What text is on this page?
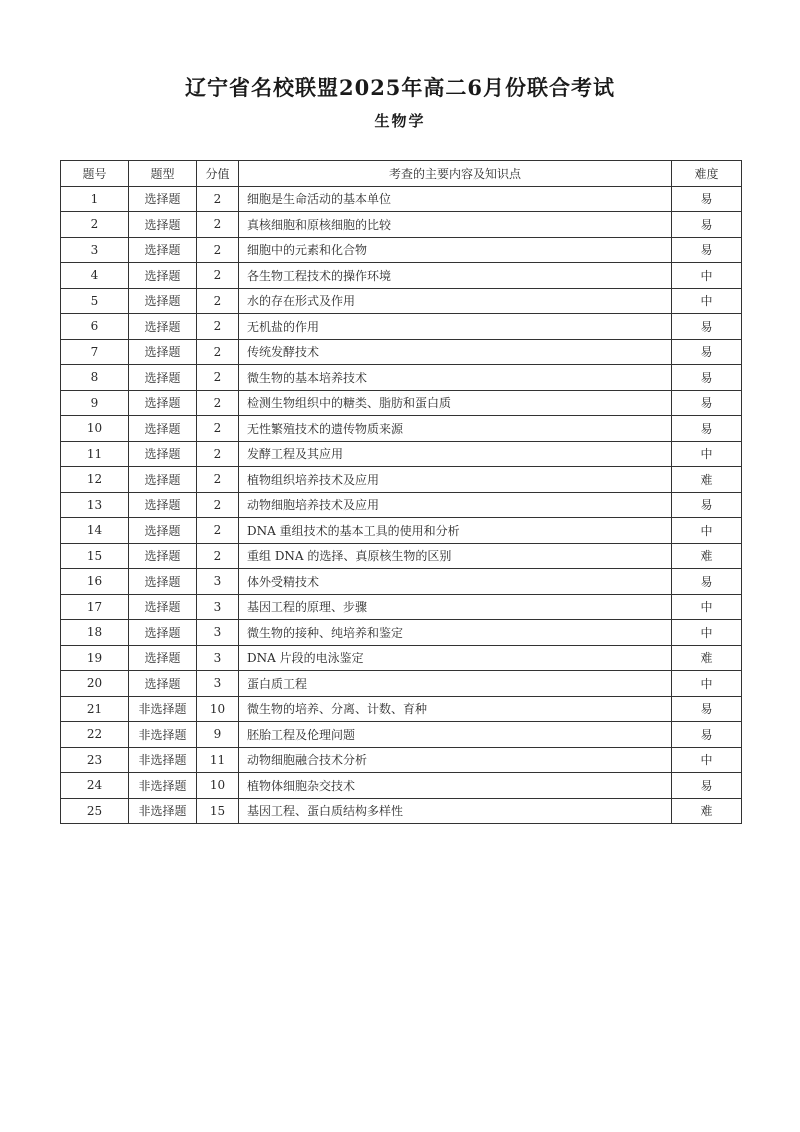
辽宁省名校联盟2025年高二6月份联合考试
生物学
题号	题型	分值	考查的主要内容及知识点	难度
1	选择题	2	细胞是生命活动的基本单位	易
2	选择题	2	真核细胞和原核细胞的比较	易
3	选择题	2	细胞中的元素和化合物	易
4	选择题	2	各生物工程技术的操作环境	中
5	选择题	2	水的存在形式及作用	中
6	选择题	2	无机盐的作用	易
7	选择题	2	传统发酵技术	易
8	选择题	2	微生物的基本培养技术	易
9	选择题	2	检测生物组织中的糖类、脂肪和蛋白质	易
10	选择题	2	无性繁殖技术的遗传物质来源	易
11	选择题	2	发酵工程及其应用	中
12	选择题	2	植物组织培养技术及应用	难
13	选择题	2	动物细胞培养技术及应用	易
14	选择题	2	DNA 重组技术的基本工具的使用和分析	中
15	选择题	2	重组 DNA 的选择、真原核生物的区别	难
16	选择题	3	体外受精技术	易
17	选择题	3	基因工程的原理、步骤	中
18	选择题	3	微生物的接种、纯培养和鉴定	中
19	选择题	3	DNA 片段的电泳鉴定	难
20	选择题	3	蛋白质工程	中
21	非选择题	10	微生物的培养、分离、计数、育种	易
22	非选择题	9	胚胎工程及伦理问题	易
23	非选择题	11	动物细胞融合技术分析	中
24	非选择题	10	植物体细胞杂交技术	易
25	非选择题	15	基因工程、蛋白质结构多样性	难
